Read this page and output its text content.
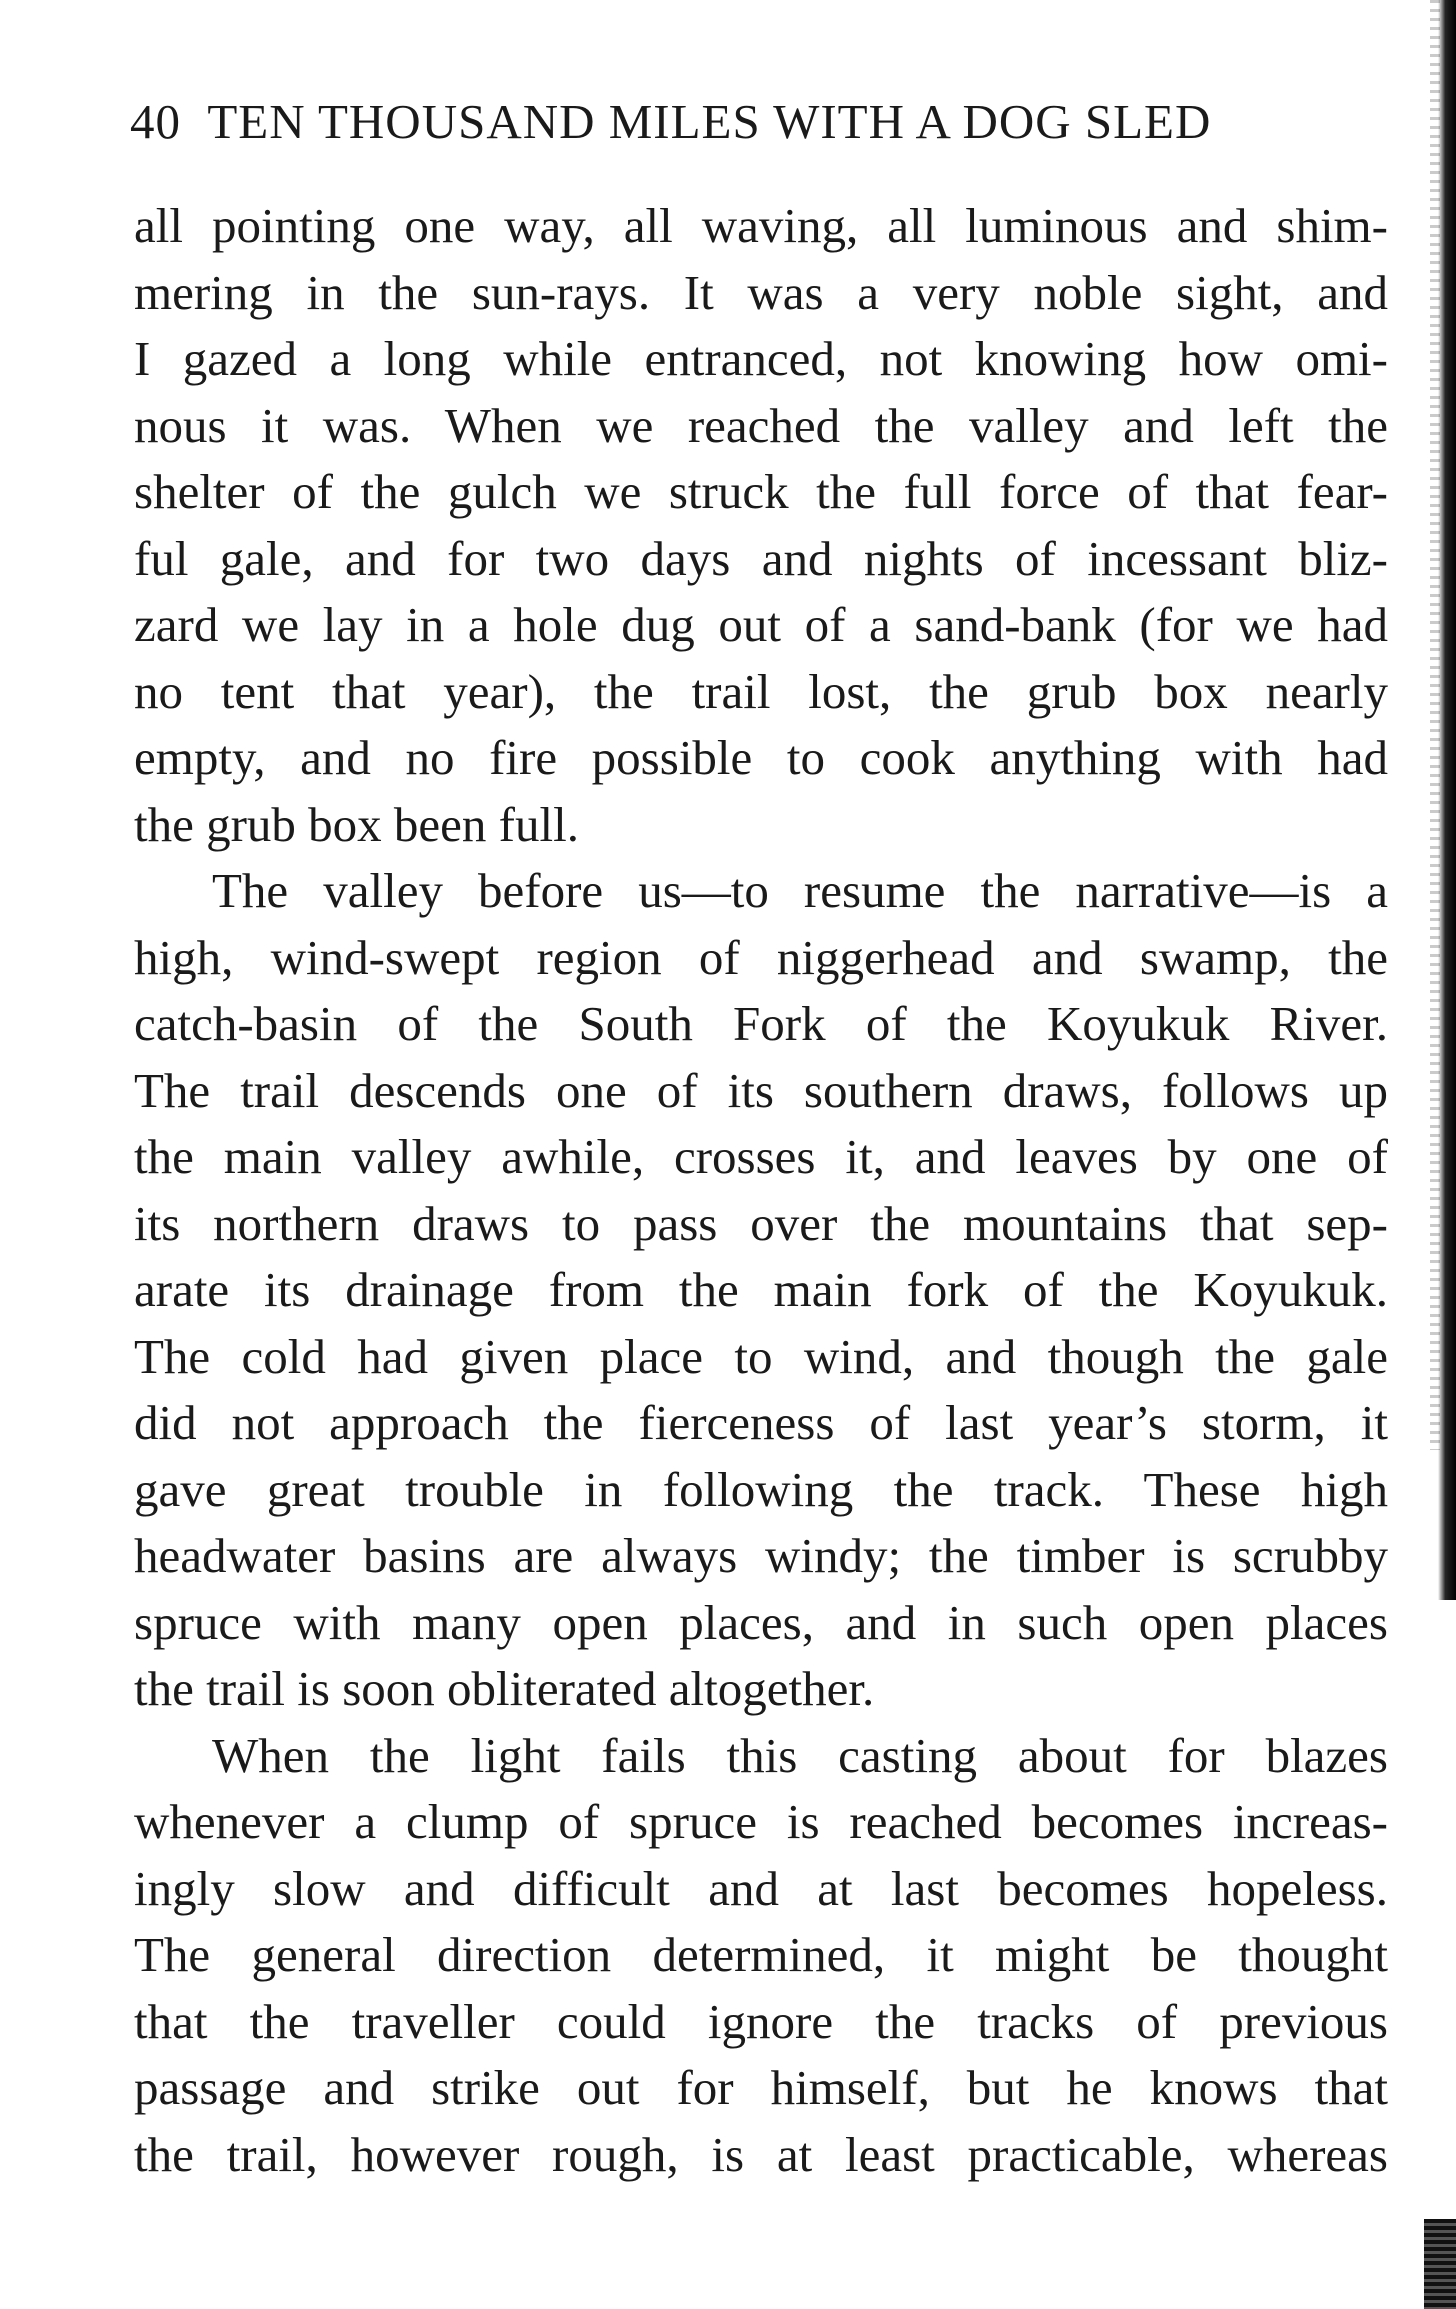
40 TEN THOUSAND MILES WITH A DOG SLED
all pointing one way, all waving, all luminous and shim-
mering in the sun-rays. It was a very noble sight, and
I gazed a long while entranced, not knowing how omi-
nous it was. When we reached the valley and left the
shelter of the gulch we struck the full force of that fear-
ful gale, and for two days and nights of incessant bliz-
zard we lay in a hole dug out of a sand-bank (for we had
no tent that year), the trail lost, the grub box nearly
empty, and no fire possible to cook anything with had
the grub box been full.
The valley before us—to resume the narrative—is a
high, wind-swept region of niggerhead and swamp, the
catch-basin of the South Fork of the Koyukuk River.
The trail descends one of its southern draws, follows up
the main valley awhile, crosses it, and leaves by one of
its northern draws to pass over the mountains that sep-
arate its drainage from the main fork of the Koyukuk.
The cold had given place to wind, and though the gale
did not approach the fierceness of last year’s storm, it
gave great trouble in following the track. These high
headwater basins are always windy; the timber is scrubby
spruce with many open places, and in such open places
the trail is soon obliterated altogether.
When the light fails this casting about for blazes
whenever a clump of spruce is reached becomes increas-
ingly slow and difficult and at last becomes hopeless.
The general direction determined, it might be thought
that the traveller could ignore the tracks of previous
passage and strike out for himself, but he knows that
the trail, however rough, is at least practicable, whereas
